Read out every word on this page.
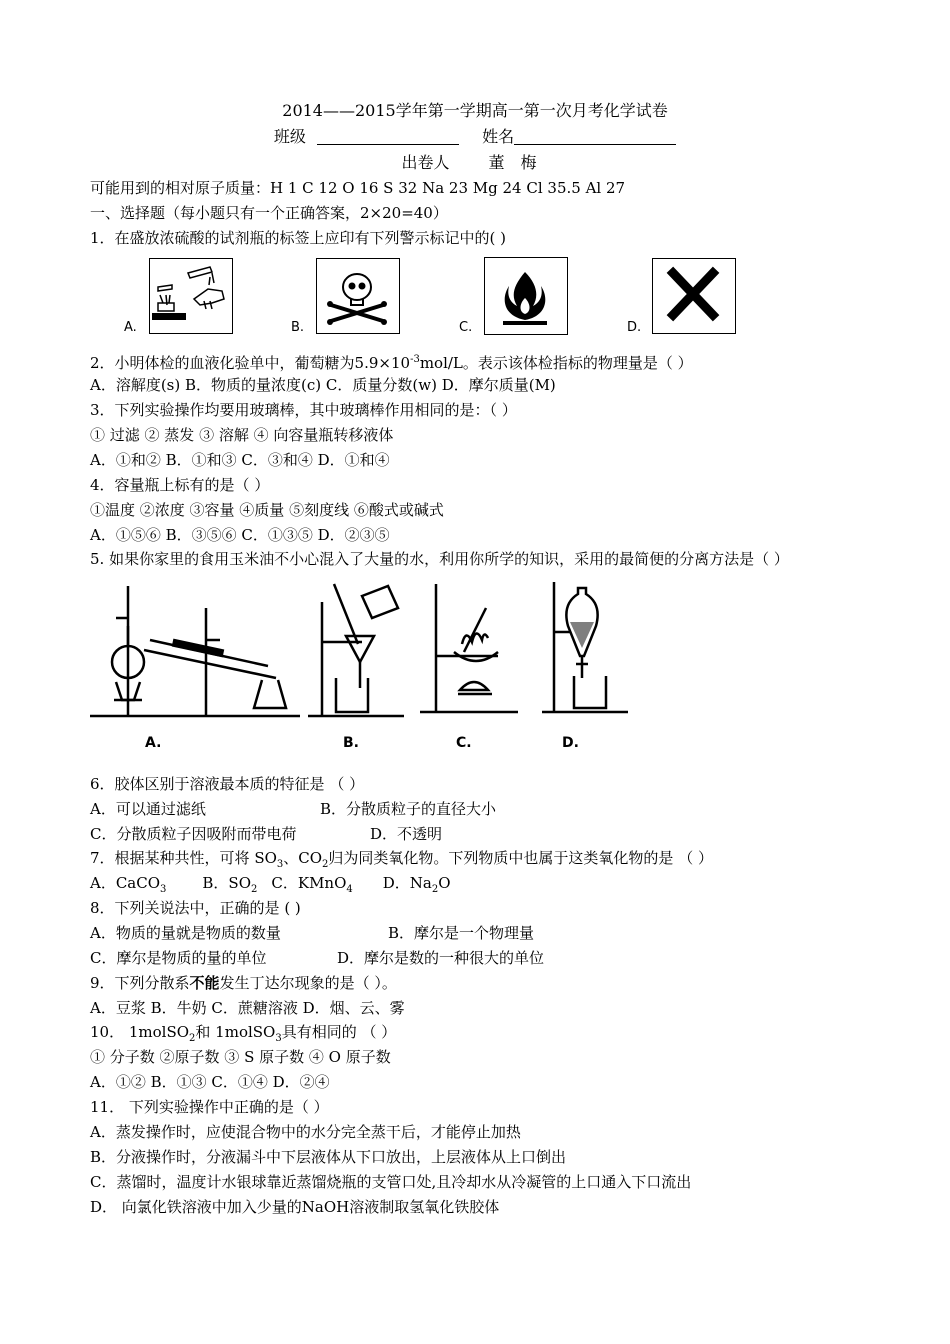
2014——2015学年第一学期高一第一次月考化学试卷
班级	姓名
出卷人 董　梅
可能用到的相对原子质量：H 1 C 12 O 16 S 32 Na 23 Mg 24 Cl 35.5 Al 27
一、选择题（每小题只有一个正确答案，2×20=40）
1．在盛放浓硫酸的试剂瓶的标签上应印有下列警示标记中的( )
A.	B.	C.	D.
2．小明体检的血液化验单中，葡萄糖为$5.9\times 10^{-3}mol/L$。表示该体检指标的物理量是（ ）
A．溶解度(s) B．物质的量浓度(c) C．质量分数(w) D．摩尔质量(M)
3．下列实验操作均要用玻璃棒，其中玻璃棒作用相同的是：（ ）
① 过滤 ② 蒸发 ③ 溶解 ④ 向容量瓶转移液体
A．①和② B．①和③ C．③和④ D．①和④
4．容量瓶上标有的是（ ）
①温度 ②浓度 ③容量 ④质量 ⑤刻度线 ⑥酸式或碱式
A．①⑤⑥ B．③⑤⑥ C．①③⑤ D．②③⑤
5. 如果你家里的食用玉米油不小心混入了大量的水，利用你所学的知识，采用的最简便的分离方法是（ ）
A.	B.	C.	D.
6．胶体区别于溶液最本质的特征是 （ ）
A．可以通过滤纸	B．分散质粒子的直径大小
C．分散质粒子因吸附而带电荷	D．不透明
7．根据某种共性，可将 $SO_3$、$CO_2$归为同类氧化物。下列物质中也属于这类氧化物的是 （ ）
A．CaCO$_3$ B．$SO_2$ C．KMnO$_4$ D．$Na_2O$
8．下列关说法中，正确的是 ( )
A．物质的量就是物质的数量	B．摩尔是一个物理量
C．摩尔是物质的量的单位	D．摩尔是数的一种很大的单位
9．下列分散系不能发生丁达尔现象的是（ ）。
A．豆浆 B．牛奶 C．蔗糖溶液 D．烟、云、雾
10． 1molSO$_2$和 1molSO$_3$具有相同的 （ ）
① 分子数 ②原子数 ③ S 原子数 ④ O 原子数
A．①② B．①③ C．①④ D．②④
11． 下列实验操作中正确的是（ ）
A．蒸发操作时，应使混合物中的水分完全蒸干后，才能停止加热
B．分液操作时，分液漏斗中下层液体从下口放出，上层液体从上口倒出
C．蒸馏时，温度计水银球靠近蒸馏烧瓶的支管口处,且冷却水从冷凝管的上口通入下口流出
D． 向氯化铁溶液中加入少量的NaOH溶液制取氢氧化铁胶体
